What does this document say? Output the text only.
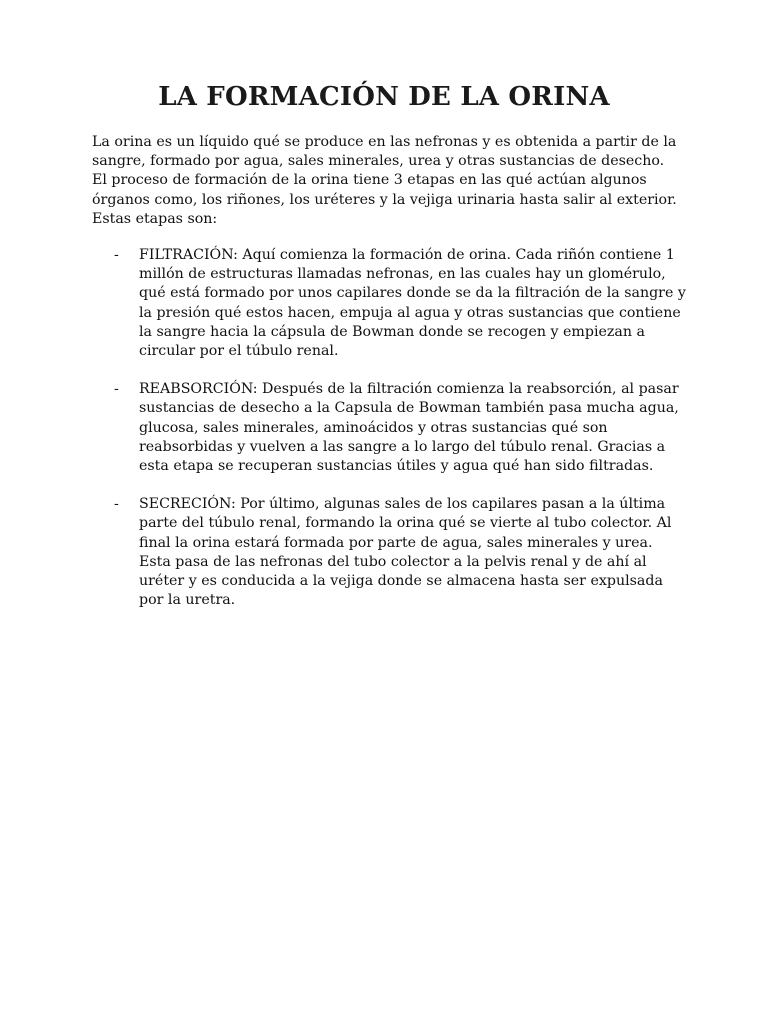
LA FORMACIÓN DE LA ORINA

La orina es un líquido qué se produce en las nefronas y es obtenida a partir de la sangre, formado por agua, sales minerales, urea y otras sustancias de desecho. El proceso de formación de la orina tiene 3 etapas en las qué actúan algunos órganos como, los riñones, los uréteres y la vejiga urinaria hasta salir al exterior. Estas etapas son:

- FILTRACIÓN: Aquí comienza la formación de orina. Cada riñón contiene 1 millón de estructuras llamadas nefronas, en las cuales hay un glomérulo, qué está formado por unos capilares donde se da la filtración de la sangre y la presión qué estos hacen, empuja al agua y otras sustancias que contiene la sangre hacia la cápsula de Bowman donde se recogen y empiezan a circular por el túbulo renal.
- REABSORCIÓN: Después de la filtración comienza la reabsorción, al pasar sustancias de desecho a la Capsula de Bowman también pasa mucha agua, glucosa, sales minerales, aminoácidos y otras sustancias qué son reabsorbidas y vuelven a las sangre a lo largo del túbulo renal. Gracias a esta etapa se recuperan sustancias útiles y agua qué han sido filtradas.
- SECRECIÓN: Por último, algunas sales de los capilares pasan a la última parte del túbulo renal, formando la orina qué se vierte al tubo colector. Al final la orina estará formada por parte de agua, sales minerales y urea. Esta pasa de las nefronas del tubo colector a la pelvis renal y de ahí al uréter y es conducida a la vejiga donde se almacena hasta ser expulsada por la uretra.
